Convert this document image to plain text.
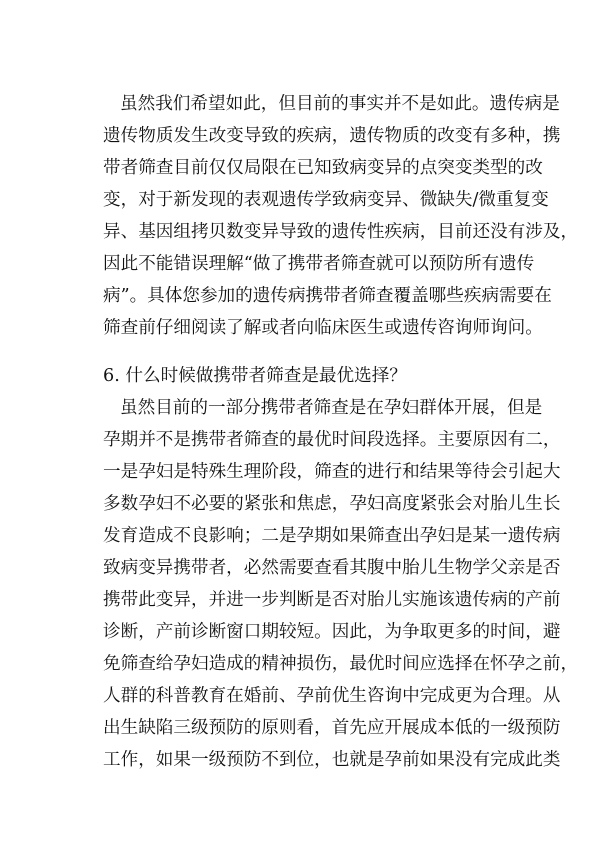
虽然我们希望如此，但目前的事实并不是如此。遗传病是
遗传物质发生改变导致的疾病，遗传物质的改变有多种，携
带者筛查目前仅仅局限在已知致病变异的点突变类型的改
变，对于新发现的表观遗传学致病变异、微缺失/微重复变
异、基因组拷贝数变异导致的遗传性疾病，目前还没有涉及，
因此不能错误理解“做了携带者筛查就可以预防所有遗传
病”。具体您参加的遗传病携带者筛查覆盖哪些疾病需要在
筛查前仔细阅读了解或者向临床医生或遗传咨询师询问。
6. 什么时候做携带者筛查是最优选择？
虽然目前的一部分携带者筛查是在孕妇群体开展，但是
孕期并不是携带者筛查的最优时间段选择。主要原因有二，
一是孕妇是特殊生理阶段，筛查的进行和结果等待会引起大
多数孕妇不必要的紧张和焦虑，孕妇高度紧张会对胎儿生长
发育造成不良影响；二是孕期如果筛查出孕妇是某一遗传病
致病变异携带者，必然需要查看其腹中胎儿生物学父亲是否
携带此变异，并进一步判断是否对胎儿实施该遗传病的产前
诊断，产前诊断窗口期较短。因此，为争取更多的时间，避
免筛查给孕妇造成的精神损伤，最优时间应选择在怀孕之前，
人群的科普教育在婚前、孕前优生咨询中完成更为合理。从
出生缺陷三级预防的原则看，首先应开展成本低的一级预防
工作，如果一级预防不到位，也就是孕前如果没有完成此类
